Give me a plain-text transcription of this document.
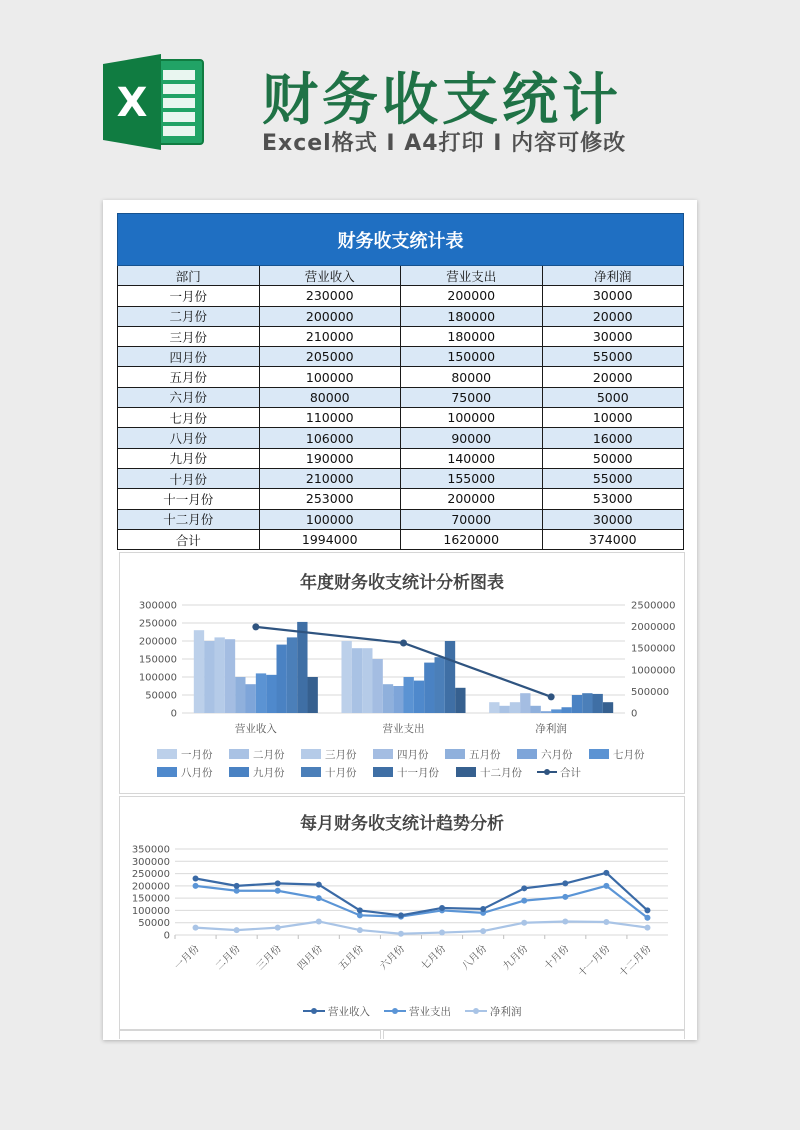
X 财务收支统计
Excel格式 I A4打印 I 内容可修改
财务收支统计表			
部门	营业收入	营业支出	净利润
一月份	230000	200000	30000
二月份	200000	180000	20000
三月份	210000	180000	30000
四月份	205000	150000	55000
五月份	100000	80000	20000
六月份	80000	75000	5000
七月份	110000	100000	10000
八月份	106000	90000	16000
九月份	190000	140000	50000
十月份	210000	155000	55000
十一月份	253000	200000	53000
十二月份	100000	70000	30000
合计	1994000	1620000	374000
年度财务收支统计分析图表
300000
250000
200000
150000
100000
50000
0
2500000
2000000
1500000
1000000
500000
0
营业收入	营业支出	净利润
一月份	二月份	三月份	四月份	五月份	六月份	七月份
八月份	九月份	十月份	十一月份	十二月份	合计
每月财务收支统计趋势分析
350000
300000
250000
200000
150000
100000
50000
0
一月份 二月份 三月份 四月份 五月份 六月份 七月份 八月份 九月份 十月份 十一月份 十二月份
营业收入	营业支出	净利润
